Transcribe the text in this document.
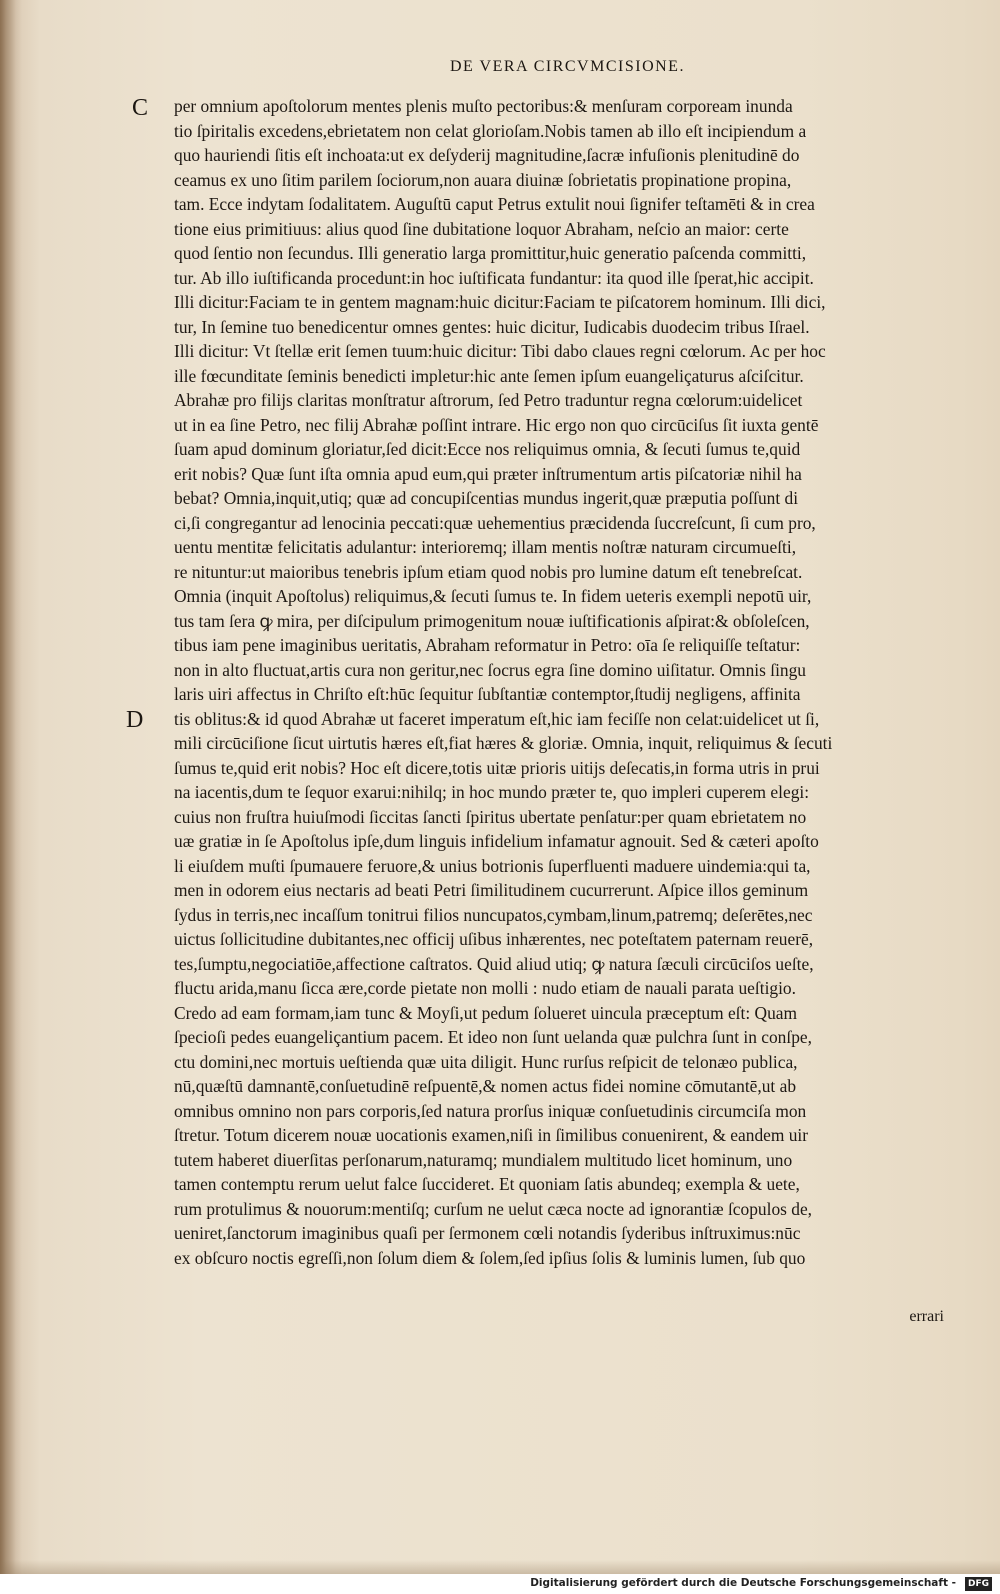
DE VERA CIRCVMCISIONE.
C
D
per omnium apoſtolorum mentes plenis muſto pectoribus:& menſuram corpoream inunda
tio ſpiritalis excedens,ebrietatem non celat glorioſam.Nobis tamen ab illo eſt incipiendum a
quo hauriendi ſitis eſt inchoata:ut ex deſyderij magnitudine,ſacræ infuſionis plenitudinē do
ceamus ex uno ſitim parilem ſociorum,non auara diuinæ ſobrietatis propinatione propina,
tam. Ecce indytam ſodalitatem. Auguſtū caput Petrus extulit noui ſignifer teſtamēti & in crea
tione eius primitiuus: alius quod ſine dubitatione loquor Abraham, neſcio an maior: certe
quod ſentio non ſecundus. Illi generatio larga promittitur,huic generatio paſcenda committi,
tur. Ab illo iuſtificanda procedunt:in hoc iuſtificata fundantur: ita quod ille ſperat,hic accipit.
Illi dicitur:Faciam te in gentem magnam:huic dicitur:Faciam te piſcatorem hominum. Illi dici,
tur, In ſemine tuo benedicentur omnes gentes: huic dicitur, Iudicabis duodecim tribus Iſrael.
Illi dicitur: Vt ſtellæ erit ſemen tuum:huic dicitur: Tibi dabo claues regni cœlorum. Ac per hoc
ille fœcunditate ſeminis benedicti impletur:hic ante ſemen ipſum euangeliçaturus aſciſcitur.
Abrahæ pro filijs claritas monſtratur aſtrorum, ſed Petro traduntur regna cœlorum:uidelicet
ut in ea ſine Petro, nec filij Abrahæ poſſint intrare. Hic ergo non quo circūciſus ſit iuxta gentē
ſuam apud dominum gloriatur,ſed dicit:Ecce nos reliquimus omnia, & ſecuti ſumus te,quid
erit nobis? Quæ ſunt iſta omnia apud eum,qui præter inſtrumentum artis piſcatoriæ nihil ha
bebat? Omnia,inquit,utiq; quæ ad concupiſcentias mundus ingerit,quæ præputia poſſunt di
ci,ſi congregantur ad lenocinia peccati:quæ uehementius præcidenda ſuccreſcunt, ſi cum pro,
uentu mentitæ felicitatis adulantur: interioremq; illam mentis noſtræ naturam circumueſti,
re nituntur:ut maioribus tenebris ipſum etiam quod nobis pro lumine datum eſt tenebreſcat.
Omnia (inquit Apoſtolus) reliquimus,& ſecuti ſumus te. In fidem ueteris exempli nepotū uir,
tus tam ſera ꝙ mira, per diſcipulum primogenitum nouæ iuſtificationis aſpirat:& obſoleſcen,
tibus iam pene imaginibus ueritatis, Abraham reformatur in Petro: oīa ſe reliquiſſe teſtatur:
non in alto fluctuat,artis cura non geritur,nec ſocrus egra ſine domino uiſitatur. Omnis ſingu
laris uiri affectus in Chriſto eſt:hūc ſequitur ſubſtantiæ contemptor,ſtudij negligens, affinita
tis oblitus:& id quod Abrahæ ut faceret imperatum eſt,hic iam feciſſe non celat:uidelicet ut ſi,
mili circūciſione ſicut uirtutis hæres eſt,fiat hæres & gloriæ. Omnia, inquit, reliquimus & ſecuti
ſumus te,quid erit nobis? Hoc eſt dicere,totis uitæ prioris uitijs deſecatis,in forma utris in prui
na iacentis,dum te ſequor exarui:nihilq; in hoc mundo præter te, quo impleri cuperem elegi:
cuius non fruſtra huiuſmodi ſiccitas ſancti ſpiritus ubertate penſatur:per quam ebrietatem no
uæ gratiæ in ſe Apoſtolus ipſe,dum linguis infidelium infamatur agnouit. Sed & cæteri apoſto
li eiuſdem muſti ſpumauere feruore,& unius botrionis ſuperfluenti maduere uindemia:qui ta,
men in odorem eius nectaris ad beati Petri ſimilitudinem cucurrerunt. Aſpice illos geminum
ſydus in terris,nec incaſſum tonitrui filios nuncupatos,cymbam,linum,patremq; deſerētes,nec
uictus ſollicitudine dubitantes,nec officij uſibus inhærentes, nec poteſtatem paternam reuerē,
tes,ſumptu,negociatiōe,affectione caſtratos. Quid aliud utiq; ꝙ natura ſæculi circūciſos ueſte,
fluctu arida,manu ſicca ære,corde pietate non molli : nudo etiam de nauali parata ueſtigio.
Credo ad eam formam,iam tunc & Moyſi,ut pedum ſolueret uincula præceptum eſt: Quam
ſpecioſi pedes euangeliçantium pacem. Et ideo non ſunt uelanda quæ pulchra ſunt in conſpe,
ctu domini,nec mortuis ueſtienda quæ uita diligit. Hunc rurſus reſpicit de telonæo publica,
nū,quæſtū damnantē,conſuetudinē reſpuentē,& nomen actus fidei nomine cōmutantē,ut ab
omnibus omnino non pars corporis,ſed natura prorſus iniquæ conſuetudinis circumciſa mon
ſtretur. Totum dicerem nouæ uocationis examen,niſi in ſimilibus conuenirent, & eandem uir
tutem haberet diuerſitas perſonarum,naturamq; mundialem multitudo licet hominum, uno
tamen contemptu rerum uelut falce ſuccideret. Et quoniam ſatis abundeq; exempla & uete,
rum protulimus & nouorum:mentiſq; curſum ne uelut cæca nocte ad ignorantiæ ſcopulos de,
ueniret,ſanctorum imaginibus quaſi per ſermonem cœli notandis ſyderibus inſtruximus:nūc
ex obſcuro noctis egreſſi,non ſolum diem & ſolem,ſed ipſius ſolis & luminis lumen, ſub quo
errari
Digitalisierung gefördert durch die Deutsche Forschungsgemeinschaft -	DFG
